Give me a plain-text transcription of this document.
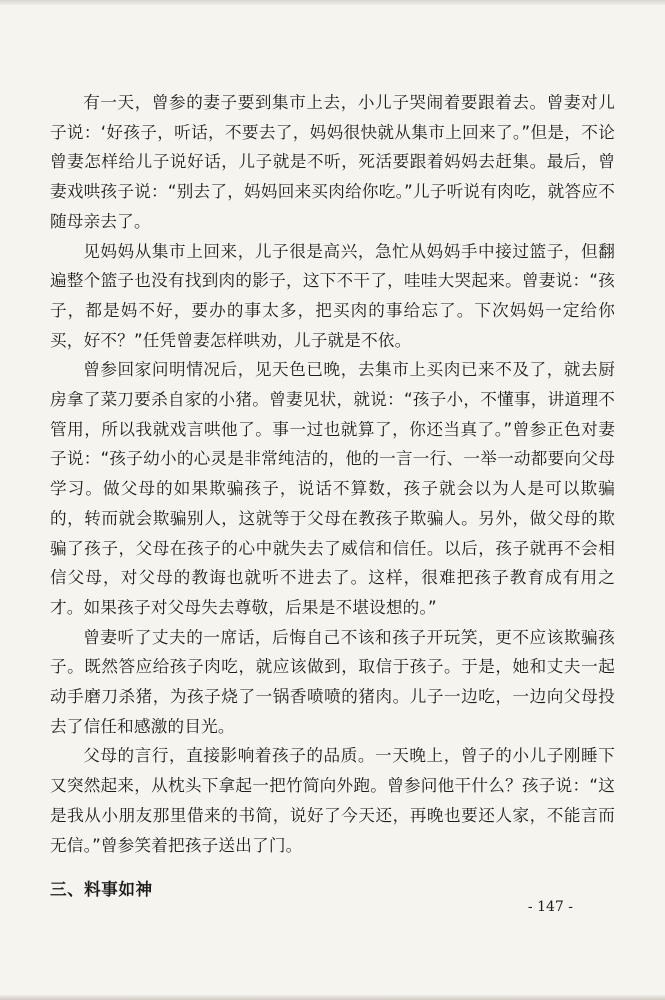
有一天，曾参的妻子要到集市上去，小儿子哭闹着要跟着去。曾妻对儿子说：‘好孩子，听话，不要去了，妈妈很快就从集市上回来了。”但是，不论曾妻怎样给儿子说好话，儿子就是不听，死活要跟着妈妈去赶集。最后，曾妻戏哄孩子说：“别去了，妈妈回来买肉给你吃。”儿子听说有肉吃，就答应不随母亲去了。

见妈妈从集市上回来，儿子很是高兴，急忙从妈妈手中接过篮子，但翻遍整个篮子也没有找到肉的影子，这下不干了，哇哇大哭起来。曾妻说：“孩子，都是妈不好，要办的事太多，把买肉的事给忘了。下次妈妈一定给你买，好不？”任凭曾妻怎样哄劝，儿子就是不依。

曾参回家问明情况后，见天色已晚，去集市上买肉已来不及了，就去厨房拿了菜刀要杀自家的小猪。曾妻见状，就说：“孩子小，不懂事，讲道理不管用，所以我就戏言哄他了。事一过也就算了，你还当真了。”曾参正色对妻子说：“孩子幼小的心灵是非常纯洁的，他的一言一行、一举一动都要向父母学习。做父母的如果欺骗孩子，说话不算数，孩子就会以为人是可以欺骗的，转而就会欺骗别人，这就等于父母在教孩子欺骗人。另外，做父母的欺骗了孩子，父母在孩子的心中就失去了威信和信任。以后，孩子就再不会相信父母，对父母的教诲也就听不进去了。这样，很难把孩子教育成有用之才。如果孩子对父母失去尊敬，后果是不堪设想的。”

曾妻听了丈夫的一席话，后悔自己不该和孩子开玩笑，更不应该欺骗孩子。既然答应给孩子肉吃，就应该做到，取信于孩子。于是，她和丈夫一起动手磨刀杀猪，为孩子烧了一锅香喷喷的猪肉。儿子一边吃，一边向父母投去了信任和感激的目光。

父母的言行，直接影响着孩子的品质。一天晚上，曾子的小儿子刚睡下又突然起来，从枕头下拿起一把竹简向外跑。曾参问他干什么？孩子说：“这是我从小朋友那里借来的书简，说好了今天还，再晚也要还人家，不能言而无信。”曾参笑着把孩子送出了门。

三、料事如神
- 147 -
